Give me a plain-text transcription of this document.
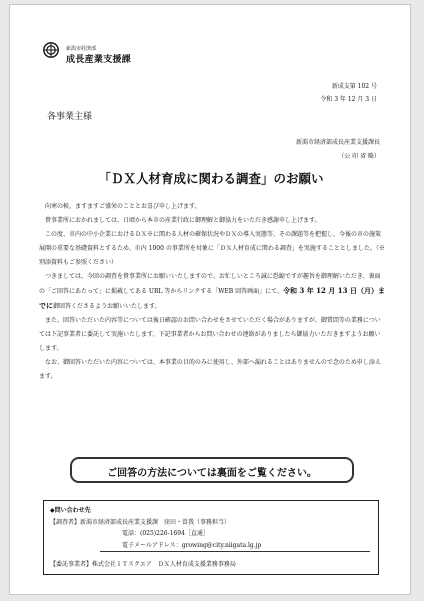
新潟市経済部
成長産業支援課
新成支第 102 号
令和 3 年 12 月 3 日
各事業主様
新潟市経済部成長産業支援課長
（公 印 省 略）
「ＤＸ人材育成に関わる調査」のお願い

向寒の候、ますますご盛栄のこととお喜び申し上げます。

貴事業所におかれましては、日頃から本市の産業行政に御理解と御協力をいただき感謝申し上げます。

この度、市内の中小企業におけるＤＸ※に関わる人材の確保状況やＤＸの導入実態等、その課題等を把握し、今後の市の施策展開の重要な基礎資料とするため、市内 1000 の事業所を対象に「ＤＸ人材育成に関わる調査」を実施することとしました。（※別添資料もご参照ください）

つきましては、今回の調査を貴事業所にお願いいたしますので、お忙しいところ誠に恐縮ですが趣旨を御理解いただき、裏面の「ご回答にあたって」に掲載してある URL 等からリンクする「WEB 回答画面」にて、令和 3 年 12 月 13 日（月）までに御回答くださるようお願いいたします。

また、回答いただいた内容等については後日確認のお問い合わせをさせていただく場合がありますが、御質問等の業務については下記事業者に委託して実施いたします。下記事業者からお問い合わせの連絡がありましたら御協力いただきますようお願いします。

なお、御回答いただいた内容については、本事業の目的のみに使用し、外部へ漏れることはありませんので念のため申し添えます。

ご回答の方法については裏面をご覧ください。
◆問い合わせ先
【調査者】新潟市経済部成長産業支援課　窪田・曽我（事務担当）
電話：(025)226-1694［直通］
電子メールアドレス：growing@city.niigata.lg.jp
【委託事業者】株式会社ＩＴスクエア　ＤＸ人材育成支援業務事務局
